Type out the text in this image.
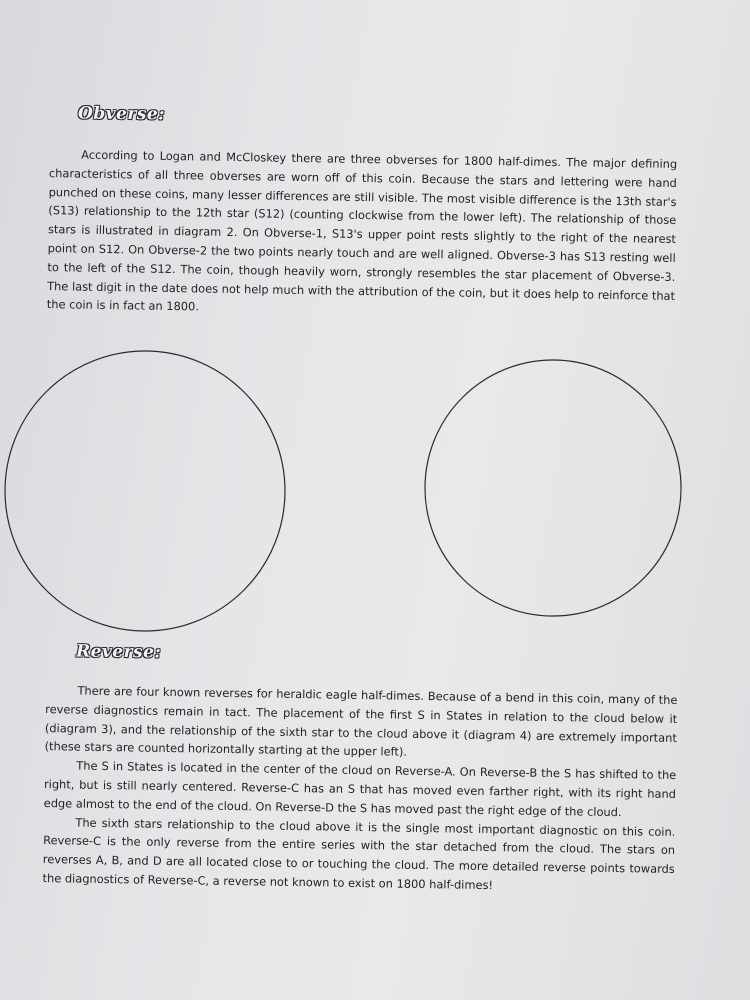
Obverse:

According to Logan and McCloskey there are three obverses for 1800 half-dimes. The major defining characteristics of all three obverses are worn off of this coin. Because the stars and lettering were hand punched on these coins, many lesser differences are still visible. The most visible difference is the 13th star's (S13) relationship to the 12th star (S12) (counting clockwise from the lower left). The relationship of those stars is illustrated in diagram 2. On Obverse-1, S13's upper point rests slightly to the right of the nearest point on S12. On Obverse-2 the two points nearly touch and are well aligned. Obverse-3 has S13 resting well to the left of the S12. The coin, though heavily worn, strongly resembles the star placement of Obverse-3. The last digit in the date does not help much with the attribution of the coin, but it does help to reinforce that the coin is in fact an 1800.

Reverse:

There are four known reverses for heraldic eagle half-dimes. Because of a bend in this coin, many of the reverse diagnostics remain in tact. The placement of the first S in States in relation to the cloud below it (diagram 3), and the relationship of the sixth star to the cloud above it (diagram 4) are extremely important (these stars are counted horizontally starting at the upper left).

The S in States is located in the center of the cloud on Reverse-A. On Reverse-B the S has shifted to the right, but is still nearly centered. Reverse-C has an S that has moved even farther right, with its right hand edge almost to the end of the cloud. On Reverse-D the S has moved past the right edge of the cloud.

The sixth stars relationship to the cloud above it is the single most important diagnostic on this coin. Reverse-C is the only reverse from the entire series with the star detached from the cloud. The stars on reverses A, B, and D are all located close to or touching the cloud. The more detailed reverse points towards the diagnostics of Reverse-C, a reverse not known to exist on 1800 half-dimes!
